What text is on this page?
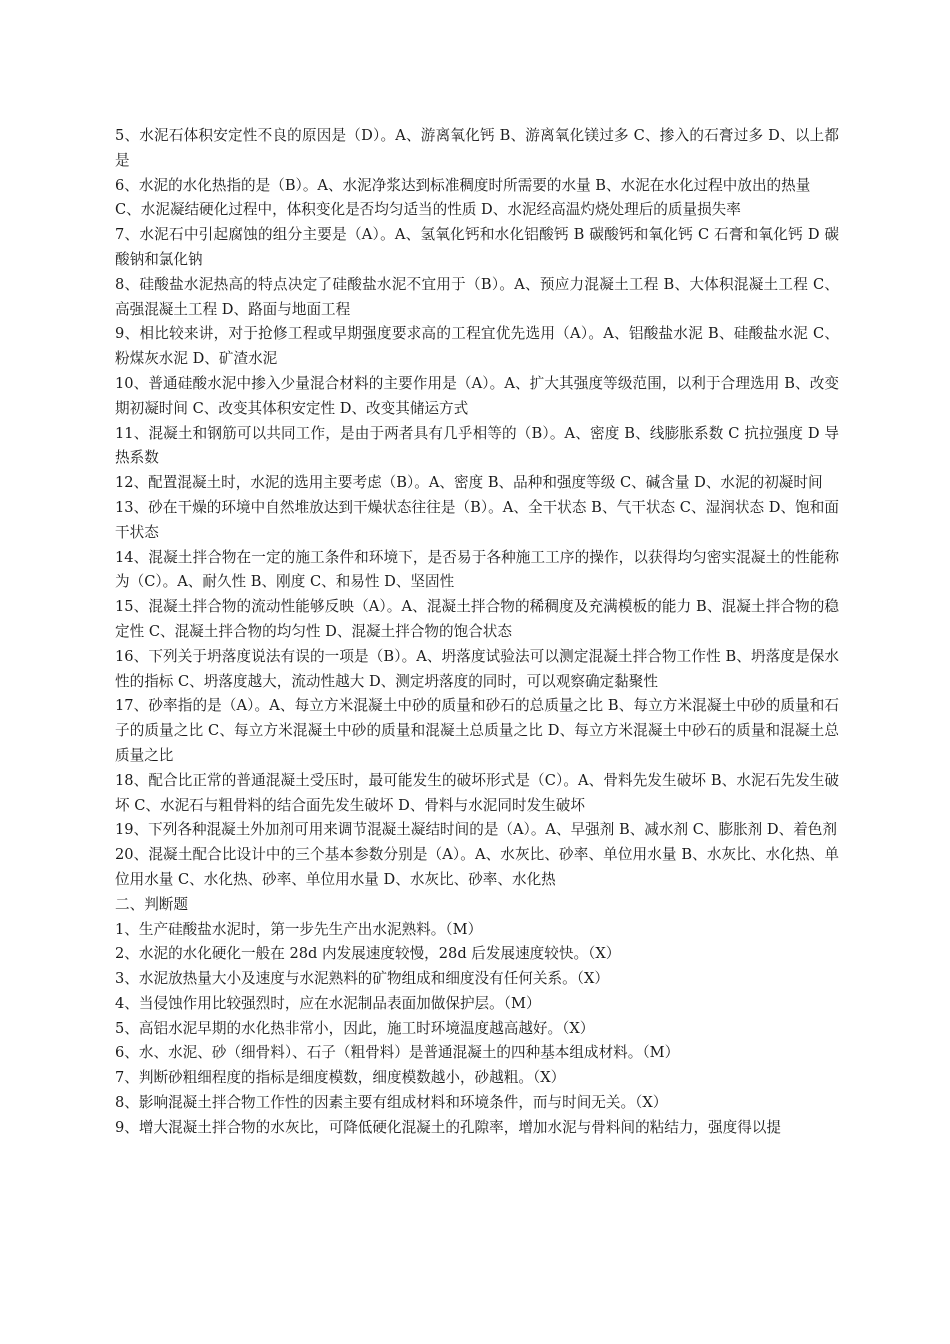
5、水泥石体积安定性不良的原因是（D）。A、游离氧化钙 B、游离氧化镁过多 C、掺入的石膏过多 D、以上都是

6、水泥的水化热指的是（B）。A、水泥净浆达到标准稠度时所需要的水量 B、水泥在水化过程中放出的热量

C、水泥凝结硬化过程中，体积变化是否均匀适当的性质 D、水泥经高温灼烧处理后的质量损失率

7、水泥石中引起腐蚀的组分主要是（A）。A、氢氧化钙和水化铝酸钙 B 碳酸钙和氧化钙 C 石膏和氧化钙 D 碳酸钠和氯化钠

8、硅酸盐水泥热高的特点决定了硅酸盐水泥不宜用于（B）。A、预应力混凝土工程 B、大体积混凝土工程 C、高强混凝土工程 D、路面与地面工程

9、相比较来讲，对于抢修工程或早期强度要求高的工程宜优先选用（A）。A、铝酸盐水泥 B、硅酸盐水泥 C、粉煤灰水泥 D、矿渣水泥

10、普通硅酸水泥中掺入少量混合材料的主要作用是（A）。A、扩大其强度等级范围，以利于合理选用 B、改变期初凝时间 C、改变其体积安定性 D、改变其储运方式

11、混凝土和钢筋可以共同工作，是由于两者具有几乎相等的（B）。A、密度 B、线膨胀系数 C 抗拉强度 D 导热系数

12、配置混凝土时，水泥的选用主要考虑（B）。A、密度 B、品种和强度等级 C、碱含量 D、水泥的初凝时间

13、砂在干燥的环境中自然堆放达到干燥状态往往是（B）。A、全干状态 B、气干状态 C、湿润状态 D、饱和面干状态

14、混凝土拌合物在一定的施工条件和环境下，是否易于各种施工工序的操作，以获得均匀密实混凝土的性能称为（C）。A、耐久性 B、刚度 C、和易性 D、坚固性

15、混凝土拌合物的流动性能够反映（A）。A、混凝土拌合物的稀稠度及充满模板的能力 B、混凝土拌合物的稳定性 C、混凝土拌合物的均匀性 D、混凝土拌合物的饱合状态

16、下列关于坍落度说法有误的一项是（B）。A、坍落度试验法可以测定混凝土拌合物工作性 B、坍落度是保水性的指标 C、坍落度越大，流动性越大 D、测定坍落度的同时，可以观察确定黏聚性

17、砂率指的是（A）。A、每立方米混凝土中砂的质量和砂石的总质量之比 B、每立方米混凝土中砂的质量和石子的质量之比 C、每立方米混凝土中砂的质量和混凝土总质量之比 D、每立方米混凝土中砂石的质量和混凝土总质量之比

18、配合比正常的普通混凝土受压时，最可能发生的破坏形式是（C）。A、骨料先发生破坏 B、水泥石先发生破坏 C、水泥石与粗骨料的结合面先发生破坏 D、骨料与水泥同时发生破坏

19、下列各种混凝土外加剂可用来调节混凝土凝结时间的是（A）。A、早强剂 B、减水剂 C、膨胀剂 D、着色剂

20、混凝土配合比设计中的三个基本参数分别是（A）。A、水灰比、砂率、单位用水量 B、水灰比、水化热、单位用水量 C、水化热、砂率、单位用水量 D、水灰比、砂率、水化热

二、判断题

1、生产硅酸盐水泥时，第一步先生产出水泥熟料。（M）

2、水泥的水化硬化一般在 28d 内发展速度较慢，28d 后发展速度较快。（X）

3、水泥放热量大小及速度与水泥熟料的矿物组成和细度没有任何关系。（X）

4、当侵蚀作用比较强烈时，应在水泥制品表面加做保护层。（M）

5、高铝水泥早期的水化热非常小，因此，施工时环境温度越高越好。（X）

6、水、水泥、砂（细骨料）、石子（粗骨料）是普通混凝土的四种基本组成材料。（M）

7、判断砂粗细程度的指标是细度模数，细度模数越小，砂越粗。（X）

8、影响混凝土拌合物工作性的因素主要有组成材料和环境条件，而与时间无关。（X）

9、增大混凝土拌合物的水灰比，可降低硬化混凝土的孔隙率，增加水泥与骨料间的粘结力，强度得以提
